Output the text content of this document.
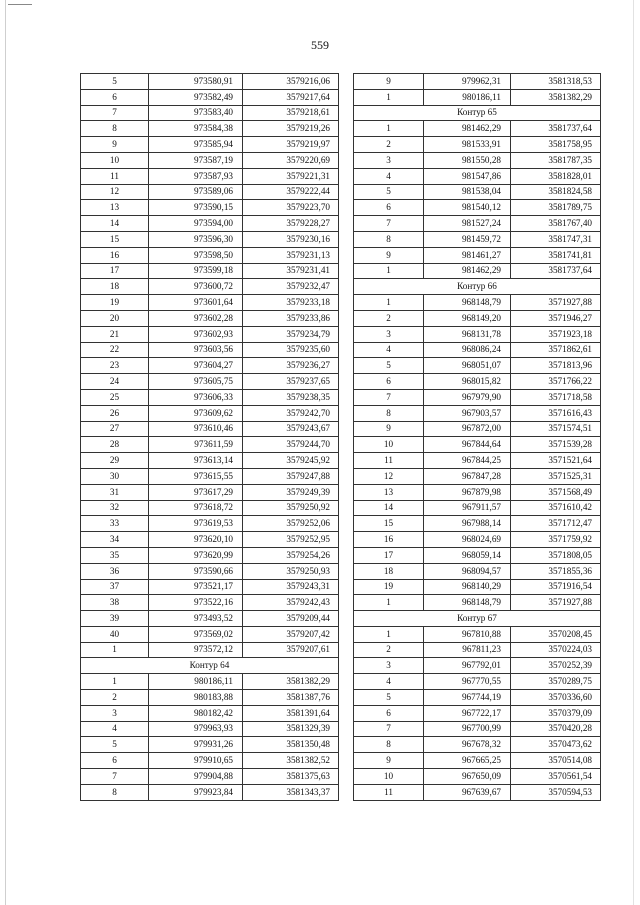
559
5	973580,91	3579216,06
6	973582,49	3579217,64
7	973583,40	3579218,61
8	973584,38	3579219,26
9	973585,94	3579219,97
10	973587,19	3579220,69
11	973587,93	3579221,31
12	973589,06	3579222,44
13	973590,15	3579223,70
14	973594,00	3579228,27
15	973596,30	3579230,16
16	973598,50	3579231,13
17	973599,18	3579231,41
18	973600,72	3579232,47
19	973601,64	3579233,18
20	973602,28	3579233,86
21	973602,93	3579234,79
22	973603,56	3579235,60
23	973604,27	3579236,27
24	973605,75	3579237,65
25	973606,33	3579238,35
26	973609,62	3579242,70
27	973610,46	3579243,67
28	973611,59	3579244,70
29	973613,14	3579245,92
30	973615,55	3579247,88
31	973617,29	3579249,39
32	973618,72	3579250,92
33	973619,53	3579252,06
34	973620,10	3579252,95
35	973620,99	3579254,26
36	973590,66	3579250,93
37	973521,17	3579243,31
38	973522,16	3579242,43
39	973493,52	3579209,44
40	973569,02	3579207,42
1	973572,12	3579207,61
Контур 64		
1	980186,11	3581382,29
2	980183,88	3581387,76
3	980182,42	3581391,64
4	979963,93	3581329,39
5	979931,26	3581350,48
6	979910,65	3581382,52
7	979904,88	3581375,63
8	979923,84	3581343,37
9	979962,31	3581318,53
1	980186,11	3581382,29
Контур 65		
1	981462,29	3581737,64
2	981533,91	3581758,95
3	981550,28	3581787,35
4	981547,86	3581828,01
5	981538,04	3581824,58
6	981540,12	3581789,75
7	981527,24	3581767,40
8	981459,72	3581747,31
9	981461,27	3581741,81
1	981462,29	3581737,64
Контур 66		
1	968148,79	3571927,88
2	968149,20	3571946,27
3	968131,78	3571923,18
4	968086,24	3571862,61
5	968051,07	3571813,96
6	968015,82	3571766,22
7	967979,90	3571718,58
8	967903,57	3571616,43
9	967872,00	3571574,51
10	967844,64	3571539,28
11	967844,25	3571521,64
12	967847,28	3571525,31
13	967879,98	3571568,49
14	967911,57	3571610,42
15	967988,14	3571712,47
16	968024,69	3571759,92
17	968059,14	3571808,05
18	968094,57	3571855,36
19	968140,29	3571916,54
1	968148,79	3571927,88
Контур 67		
1	967810,88	3570208,45
2	967811,23	3570224,03
3	967792,01	3570252,39
4	967770,55	3570289,75
5	967744,19	3570336,60
6	967722,17	3570379,09
7	967700,99	3570420,28
8	967678,32	3570473,62
9	967665,25	3570514,08
10	967650,09	3570561,54
11	967639,67	3570594,53
